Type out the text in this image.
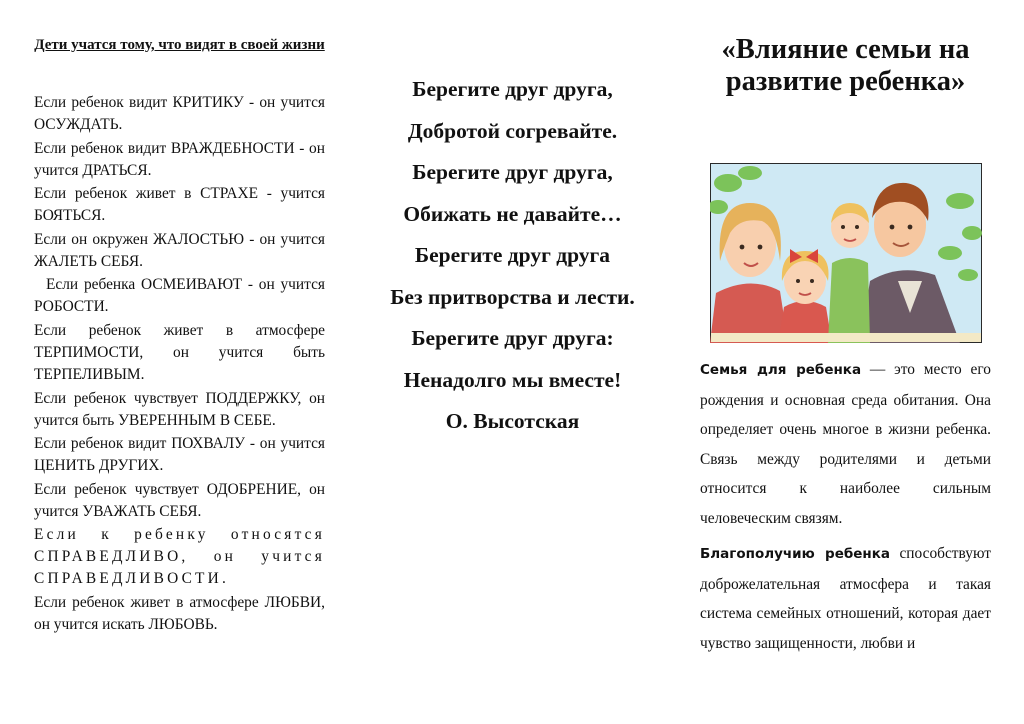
Дети учатся тому, что видят в своей жизни

Если ребенок видит КРИТИКУ - он учится ОСУЖДАТЬ.

Если ребенок видит ВРАЖДЕБНОСТИ - он учится ДРАТЬСЯ.

Если ребенок живет в СТРАХЕ - учится БОЯТЬСЯ.

Если он окружен ЖАЛОСТЬЮ - он учится ЖАЛЕТЬ СЕБЯ.

Если ребенка ОСМЕИВАЮТ - он учится РОБОСТИ.

Если ребенок живет в атмосфере ТЕРПИМОСТИ, он учится быть ТЕРПЕЛИВЫМ.

Если ребенок чувствует ПОДДЕРЖКУ, он учится быть УВЕРЕННЫМ В СЕБЕ.

Если ребенок видит ПОХВАЛУ - он учится ЦЕНИТЬ ДРУГИХ.

Если ребенок чувствует ОДОБРЕНИЕ, он учится УВАЖАТЬ СЕБЯ.

Если к ребенку относятся СПРАВЕДЛИВО, он учится СПРАВЕДЛИВОСТИ.

Если ребенок живет в атмосфере ЛЮБВИ, он учится искать ЛЮБОВЬ.

Берегите друг друга,
Добротой согревайте.
Берегите друг друга,
Обижать не давайте…
Берегите друг друга
Без притворства и лести.
Берегите друг друга:
Ненадолго мы вместе!
О. Высотская
«Влияние семьи на развитие ребенка»

Семья для ребенка — это место его рождения и основная среда обитания. Она определяет очень многое в жизни ребенка. Связь между родителями и детьми относится к наиболее сильным человеческим связям.

Благополучию ребенка способствуют доброжелательная атмосфера и такая система семейных отношений, которая дает чувство защищенности, любви и
